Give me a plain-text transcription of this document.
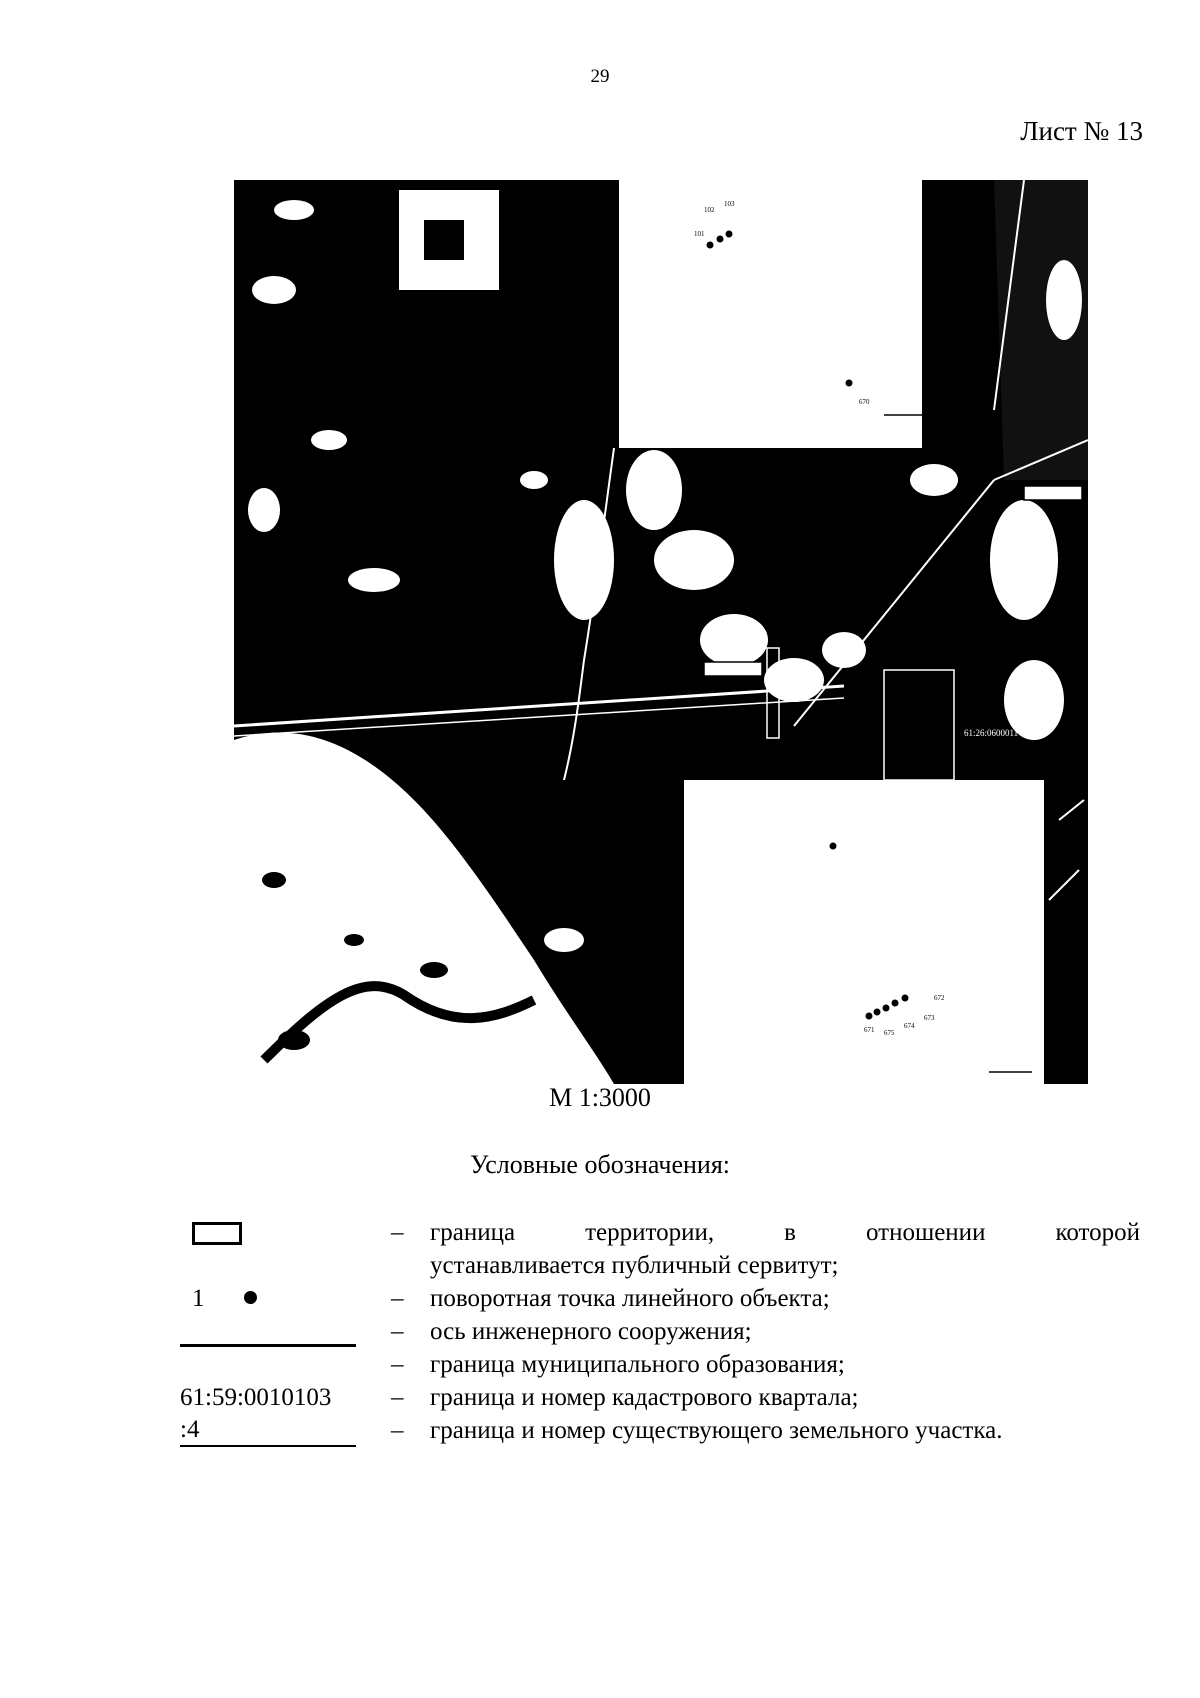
29
Лист № 13
101
102
103
670
671
672
673
674
675
61:26:0600011
М 1:3000
Условные обозначения:
– граница территории, в отношении которой
устанавливается публичный сервитут;
1	– поворотная точка линейного объекта;
– ось инженерного сооружения;
– граница муниципального образования;
61:59:0010103 – граница и номер кадастрового квартала;
:4	– граница и номер существующего земельного участка.
